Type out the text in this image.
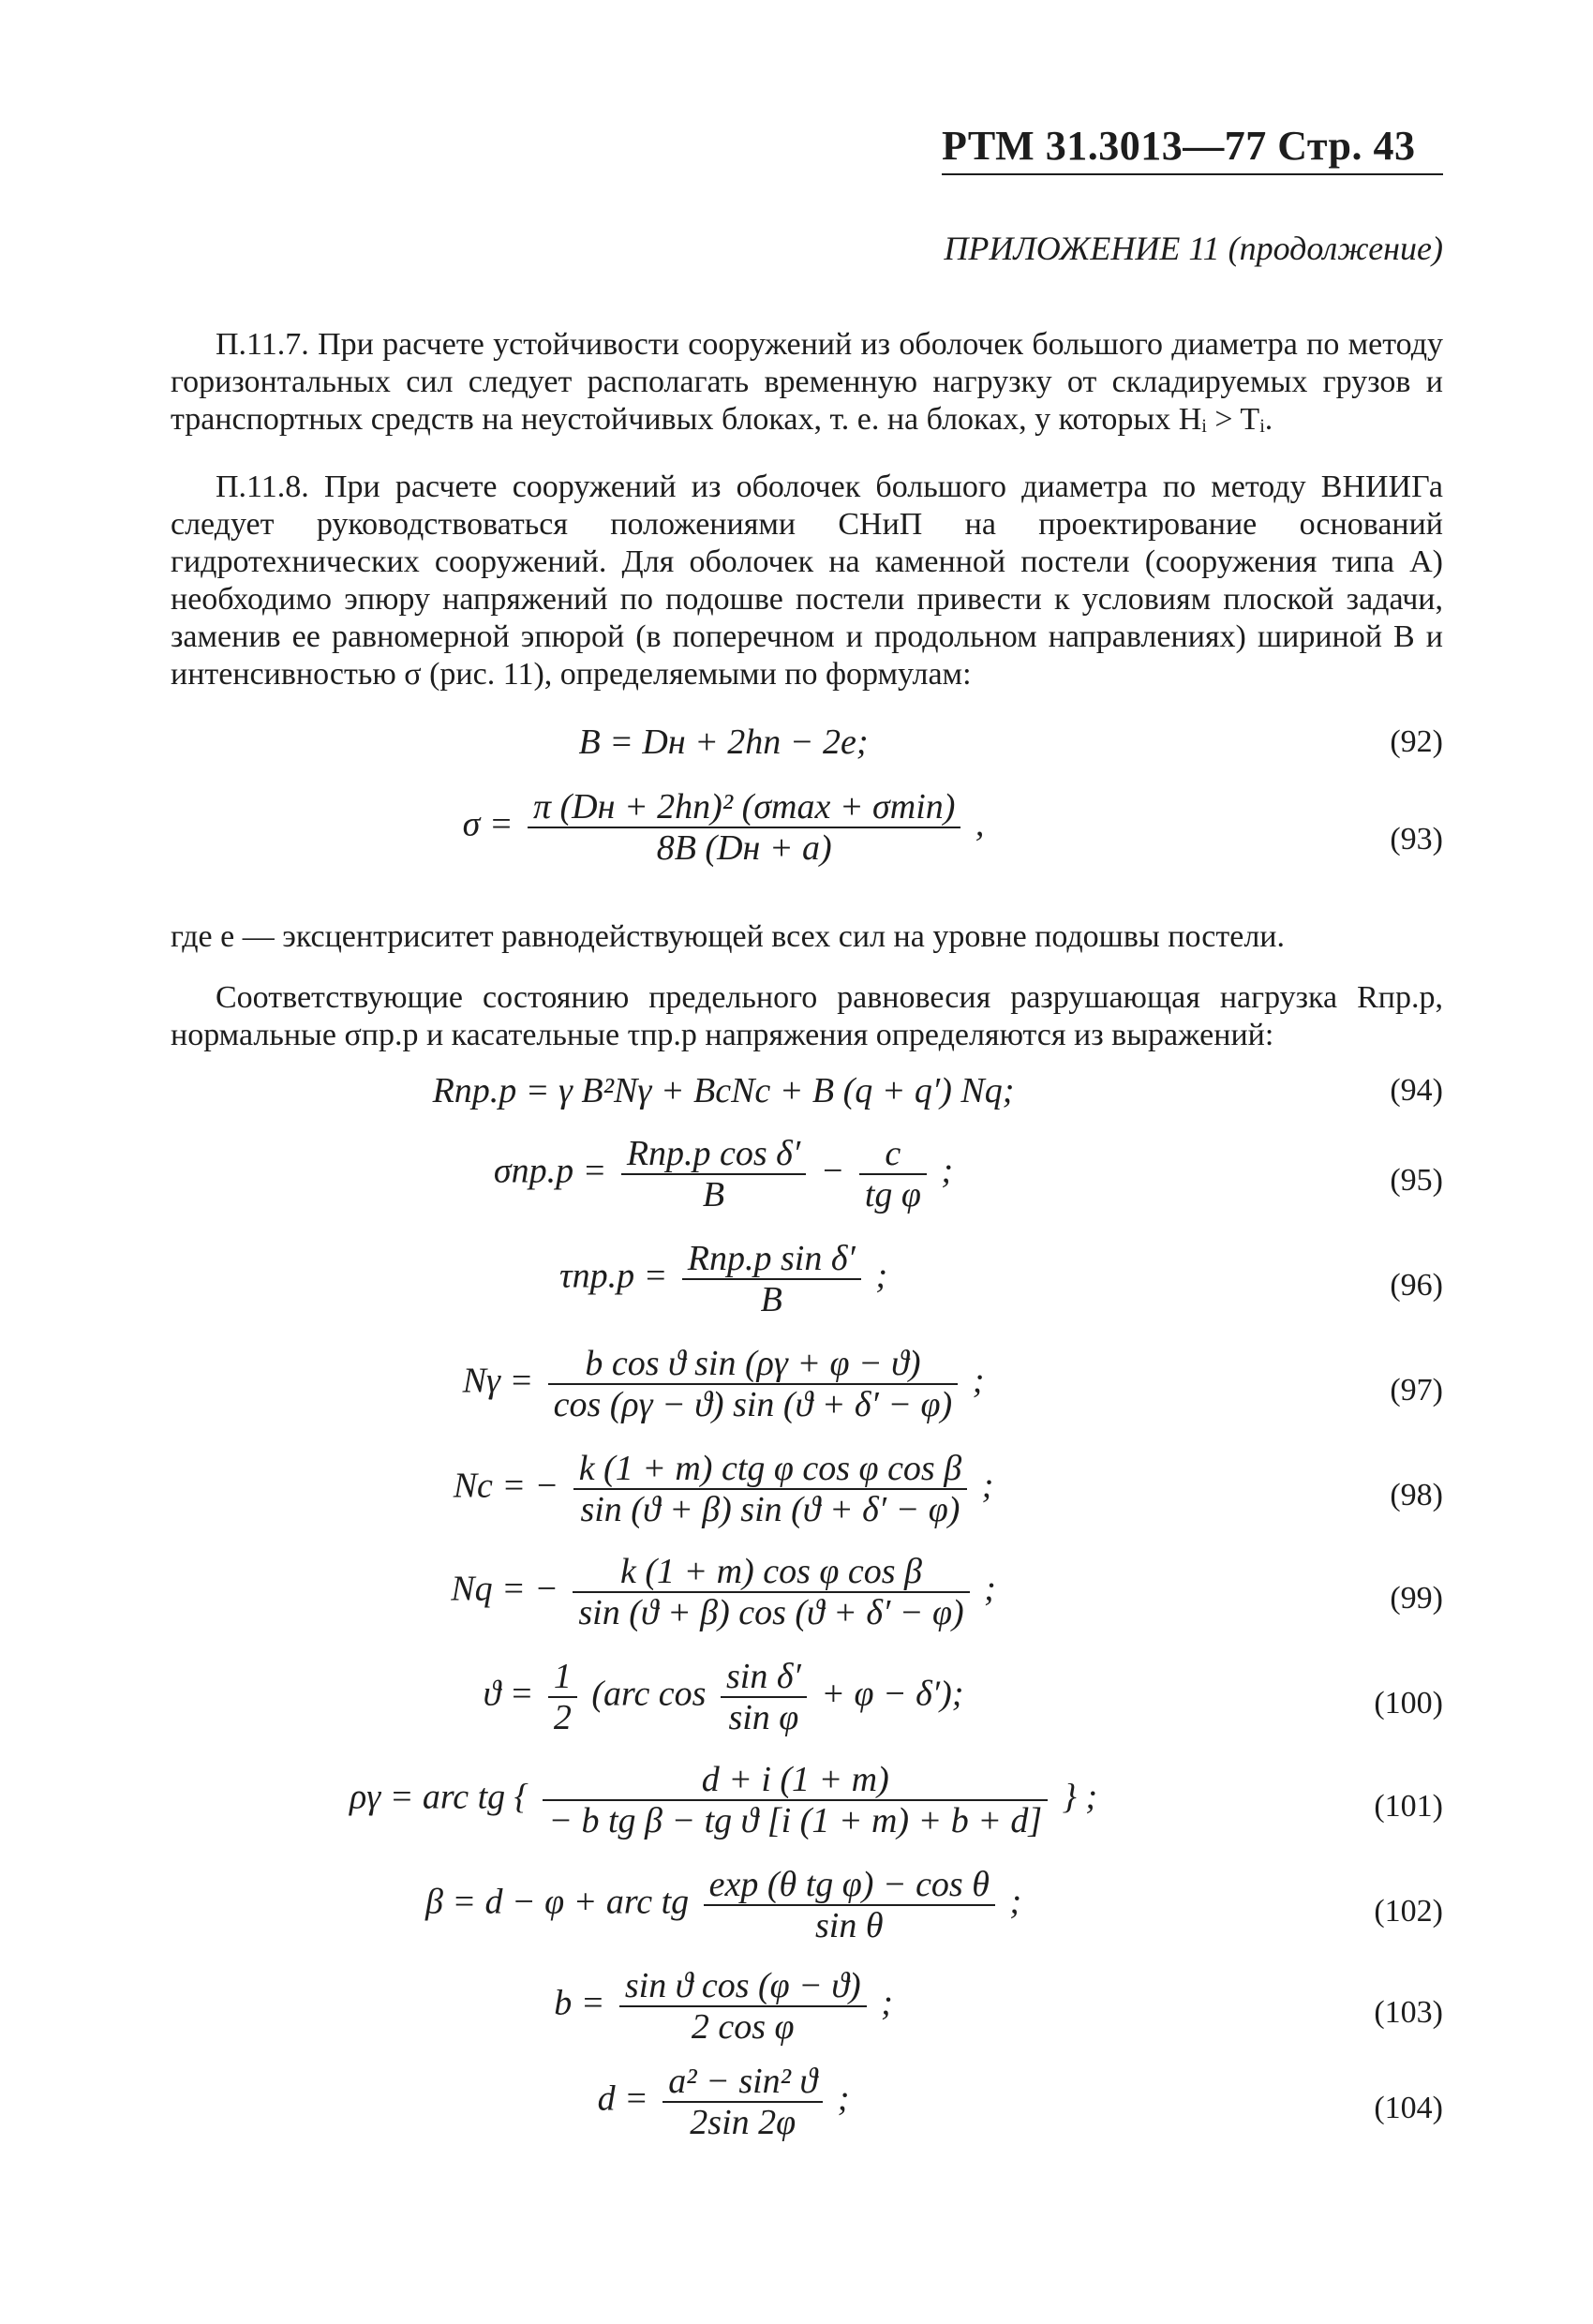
РТМ 31.3013—77 Стр. 43
ПРИЛОЖЕНИЕ 11 (продолжение)
П.11.7. При расчете устойчивости сооружений из оболочек большого диаметра по методу горизонтальных сил следует располагать временную нагрузку от складируемых грузов и транспортных средств на неустойчивых блоках, т. е. на блоках, у которых Hᵢ > Tᵢ.
П.11.8. При расчете сооружений из оболочек большого диаметра по методу ВНИИГа следует руководствоваться положениями СНиП на проектирование оснований гидротехнических сооружений. Для оболочек на каменной постели (сооружения типа А) необходимо эпюру напряжений по подошве постели привести к условиям плоской задачи, заменив ее равномерной эпюрой (в поперечном и продольном направлениях) шириной B и интенсивностью σ (рис. 11), определяемыми по формулам:
B = Dн + 2hп − 2e;	(92)
$\sigma = \frac{\text{π (Dн + 2hп)² (σmax + σmin)}}{8B (Dн + a)}$ ,	(93)
где e — эксцентриситет равнодействующей всех сил на уровне подошвы постели.
Соответствующие состоянию предельного равновесия разрушающая нагрузка Rпр.р, нормальные σпр.р и касательные τпр.р напряжения определяются из выражений:
Rпр.р = γ B²Nγ + BcNc + B (q + q′) Nq;	(94)
$\sigma пр.р = \frac{\text{Rпр.р cos δ′}}{B} - \frac{c}{\text{tg φ}}$ ;	(95)
$\tau пр.р = \frac{\text{Rпр.р sin δ′}}{B}$ ;	(96)
$N\gamma = \frac{\text{b cos ϑ sin (ργ + φ − ϑ)}}{\cos (\rho\gamma - ϑ) \sin (ϑ + \delta' - \varphi)}$ ;	(97)
Nc = − $\frac{\text{k (1 + m) ctg φ cos φ cos β}}{\sin (ϑ + \beta) \sin (ϑ + \delta' - \varphi)}$ ;	(98)
Nq = − $\frac{\text{k (1 + m) cos φ cos β}}{\sin (ϑ + \beta) \cos (ϑ + \delta' - \varphi)}$ ;	(99)
$ϑ = \frac{1}{2} (arc$ $\cos \frac{\text{sin δ′}}{\text{sin φ}} + \varphi - \delta'$);	(100)
ργ = arc tg { $\frac{d + i (1 + m)}{\text{− b tg β − tg ϑ [i (1 + m) + b + d]}}$ } ;	(101)
β = d − φ + arc tg $\frac{\text{exp (θ tg φ) − cos θ}}{\text{sin θ}}$ ;	(102)
$b = \frac{\text{sin ϑ cos (φ − ϑ)}}{\text{2 cos φ}}$ ;	(103)
$d = \frac{\text{a² − sin² ϑ}}{2\sin 2\varphi}$ ;	(104)
